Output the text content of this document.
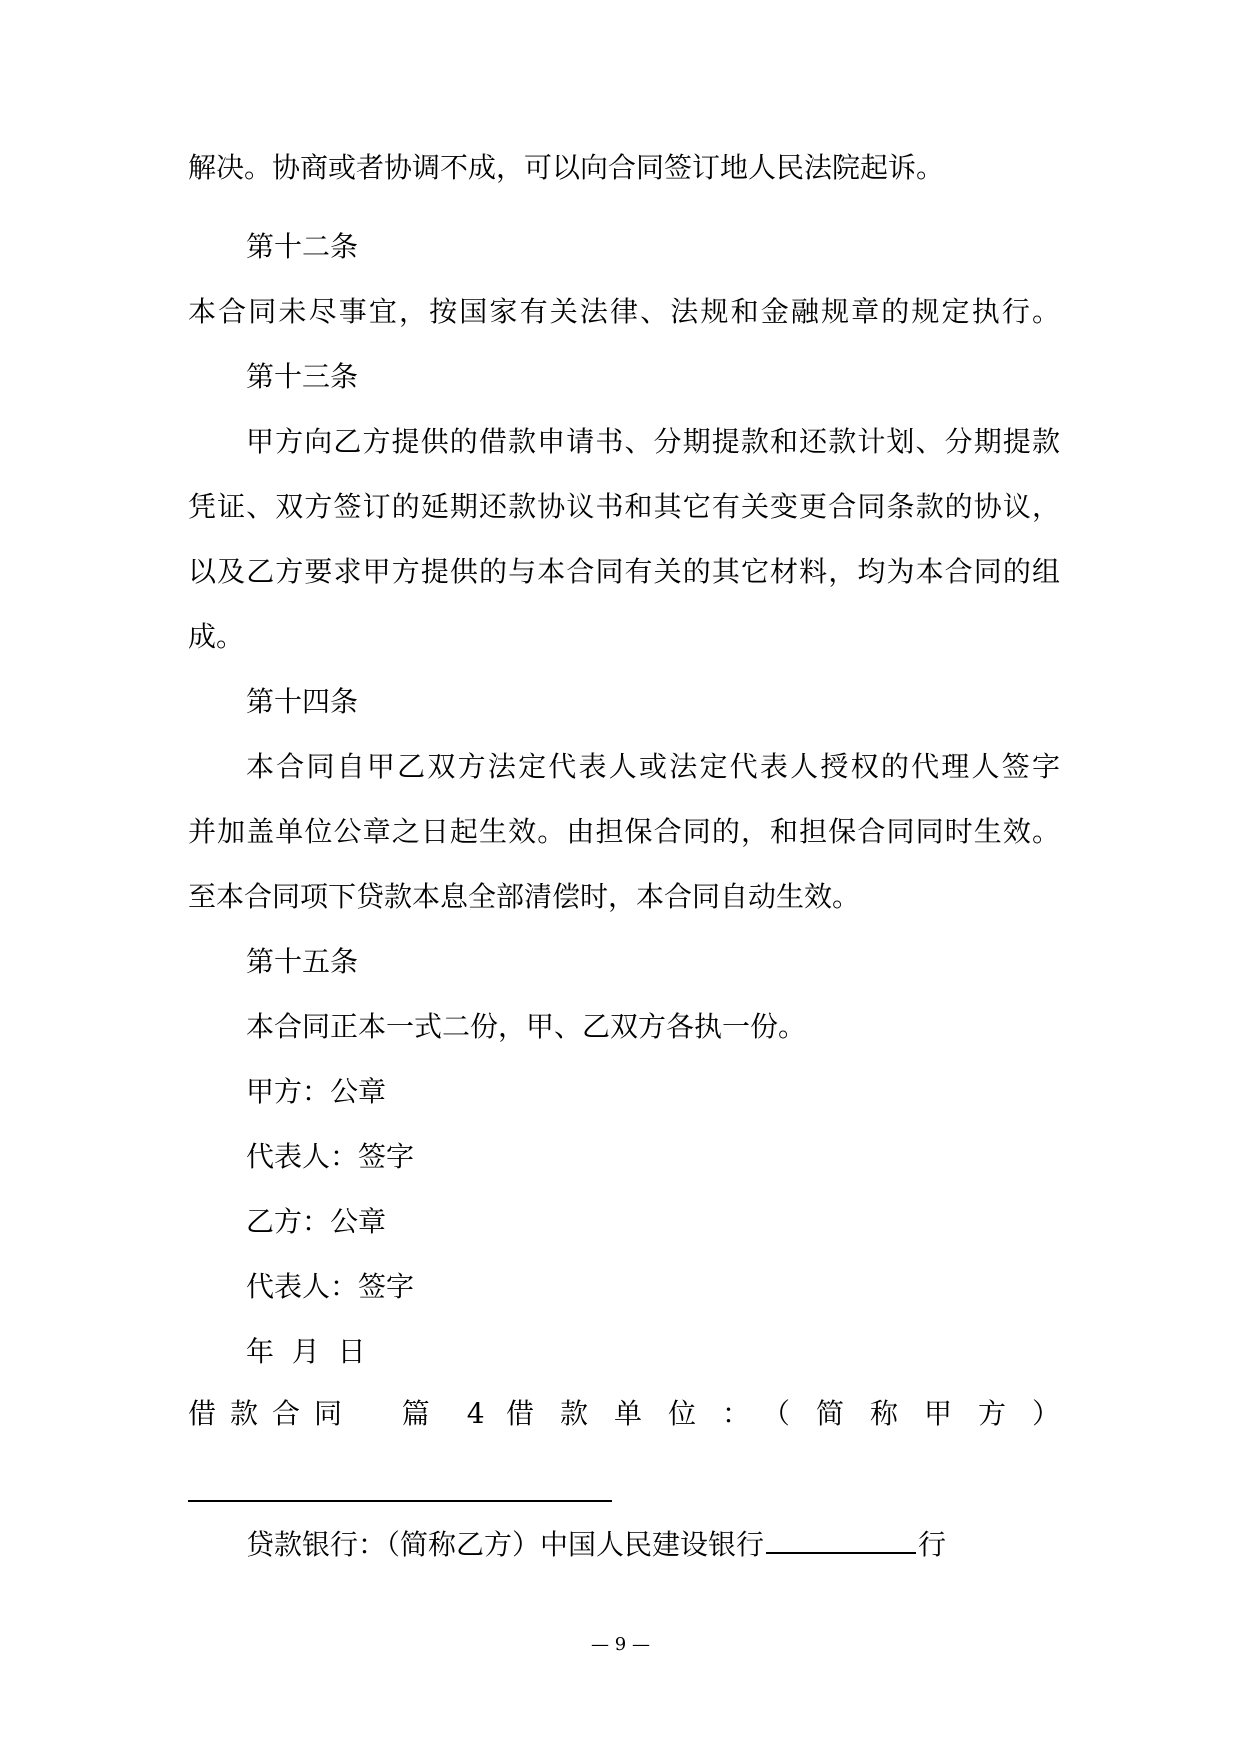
解决。协商或者协调不成，可以向合同签订地人民法院起诉。
第十二条
本合同未尽事宜，按国家有关法律、法规和金融规章的规定执行。
第十三条
甲方向乙方提供的借款申请书、分期提款和还款计划、分期提款
凭证、双方签订的延期还款协议书和其它有关变更合同条款的协议，
以及乙方要求甲方提供的与本合同有关的其它材料，均为本合同的组
成。
第十四条
本合同自甲乙双方法定代表人或法定代表人授权的代理人签字
并加盖单位公章之日起生效。由担保合同的，和担保合同同时生效。
至本合同项下贷款本息全部清偿时，本合同自动生效。
第十五条
本合同正本一式二份，甲、乙双方各执一份。
甲方：公章
代表人：签字
乙方：公章
代表人：签字
年  月  日
借款合同  篇 4 借款单位：（简称甲方）
贷款银行：（简称乙方）中国人民建设银行	行
— 9 —
